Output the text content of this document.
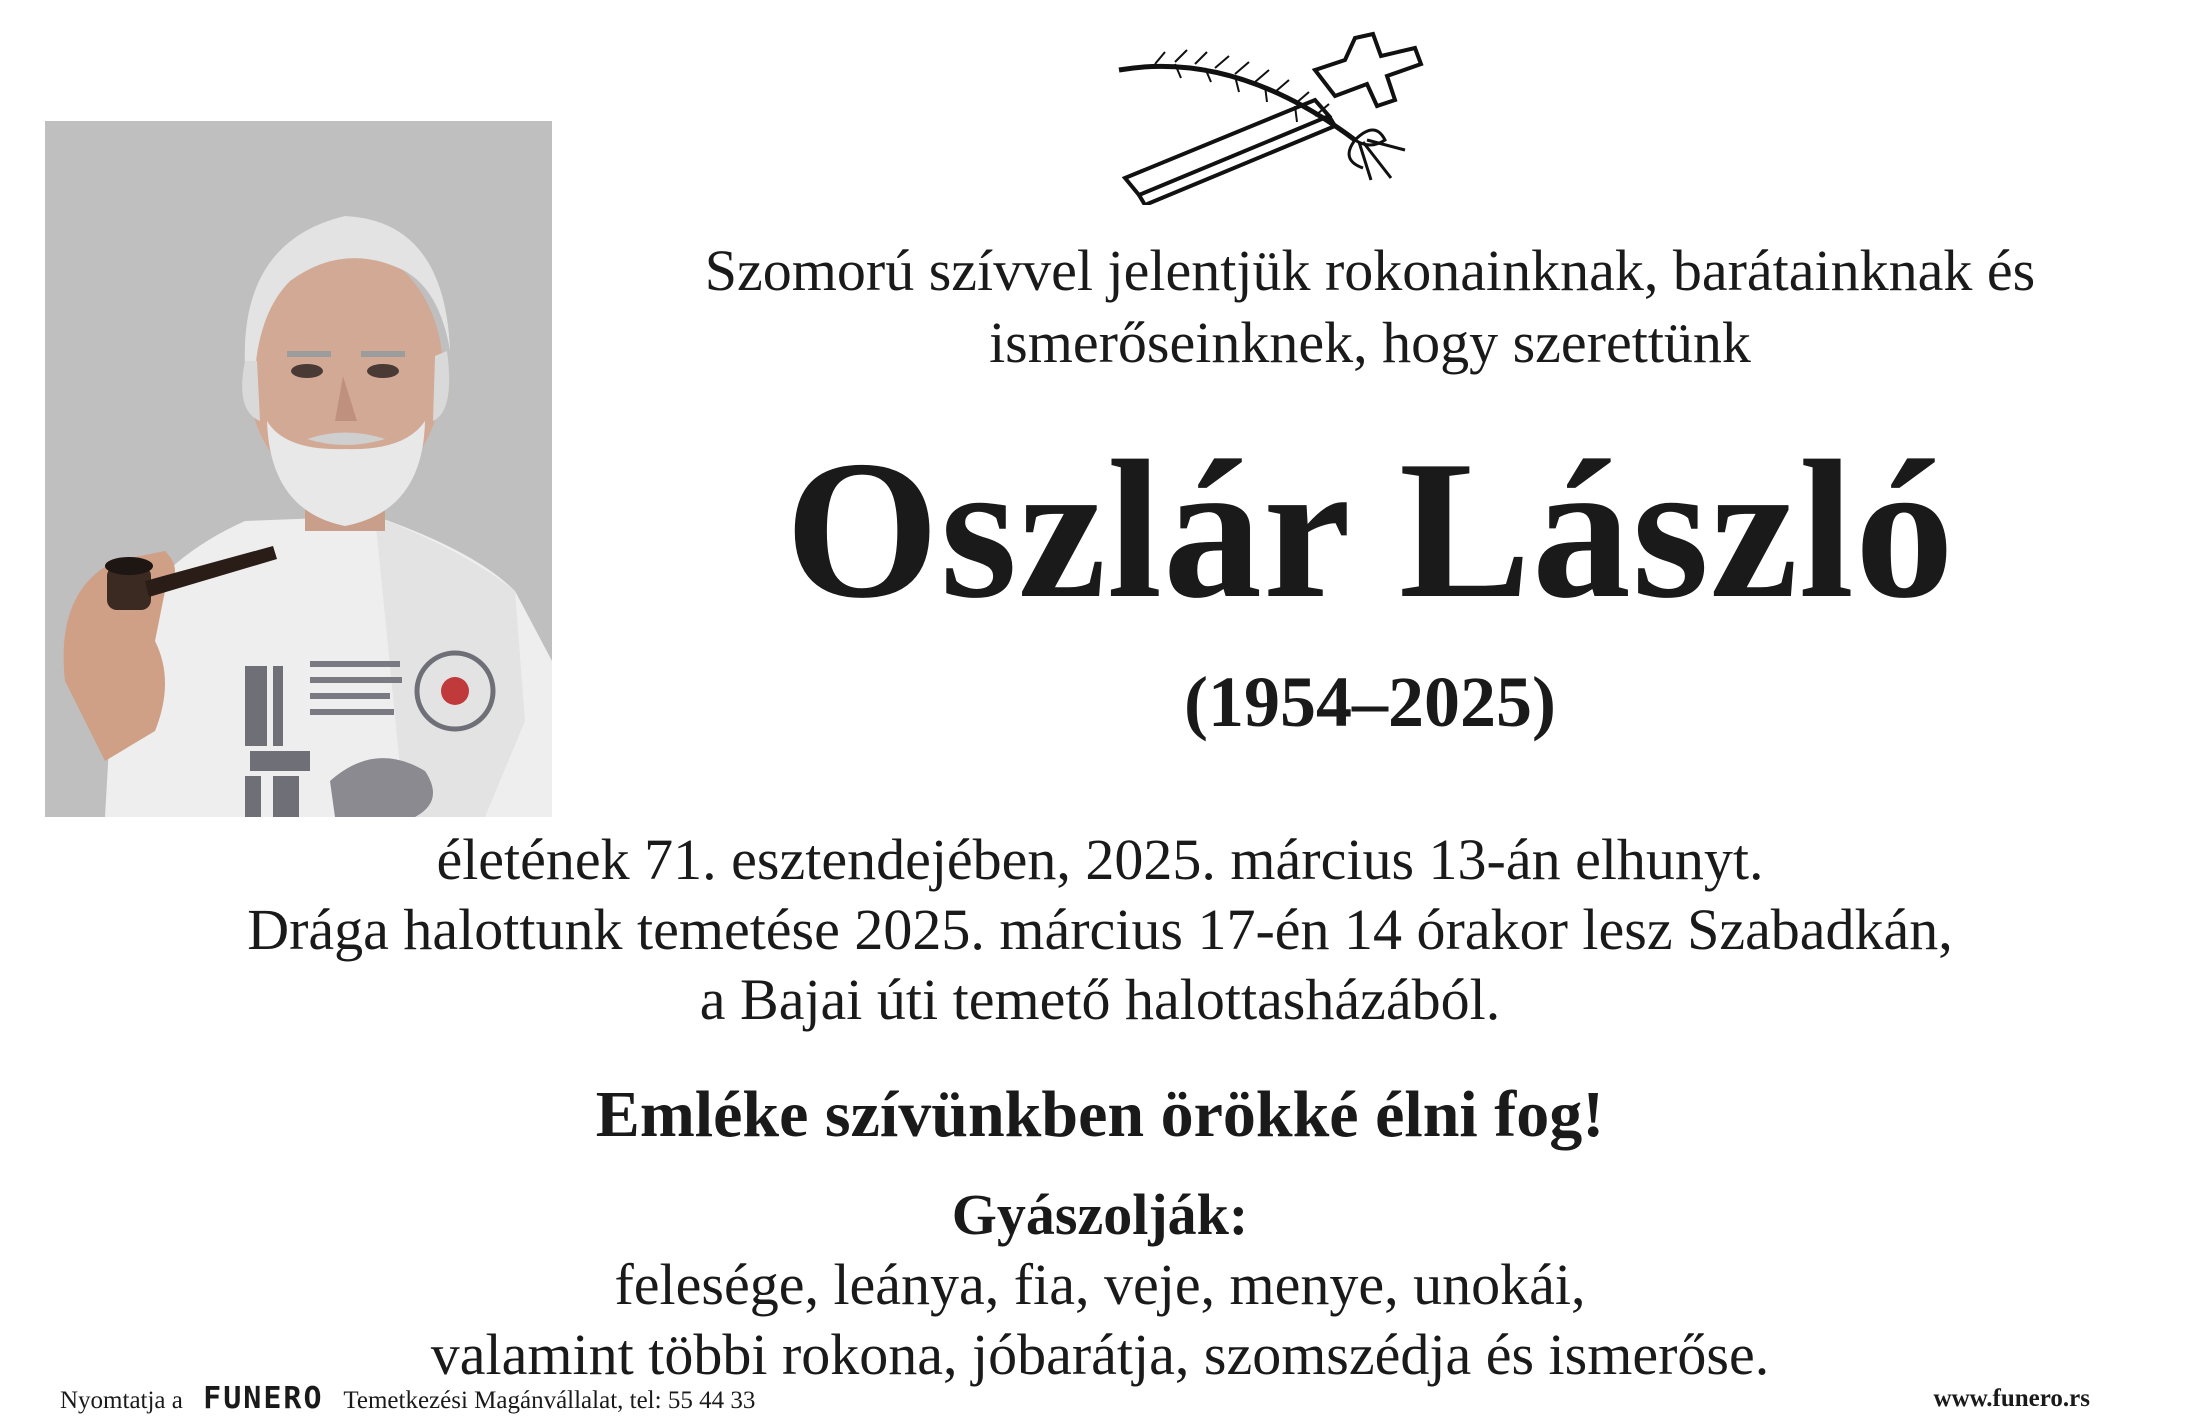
Szomorú szívvel jelentjük rokonainknak, barátainknak és
ismerőseinknek, hogy szerettünk
Oszlár László
(1954–2025)
életének 71. esztendejében, 2025. március 13-án elhunyt.
Drága halottunk temetése 2025. március 17-én 14 órakor lesz Szabadkán,
a Bajai úti temető halottasházából.
Emléke szívünkben örökké élni fog!
Gyászolják:
felesége, leánya, fia, veje, menye, unokái,
valamint többi rokona, jóbarátja, szomszédja és ismerőse.
Nyomtatja a FUNERO Temetkezési Magánvállalat, tel: 55 44 33	www.funero.rs
